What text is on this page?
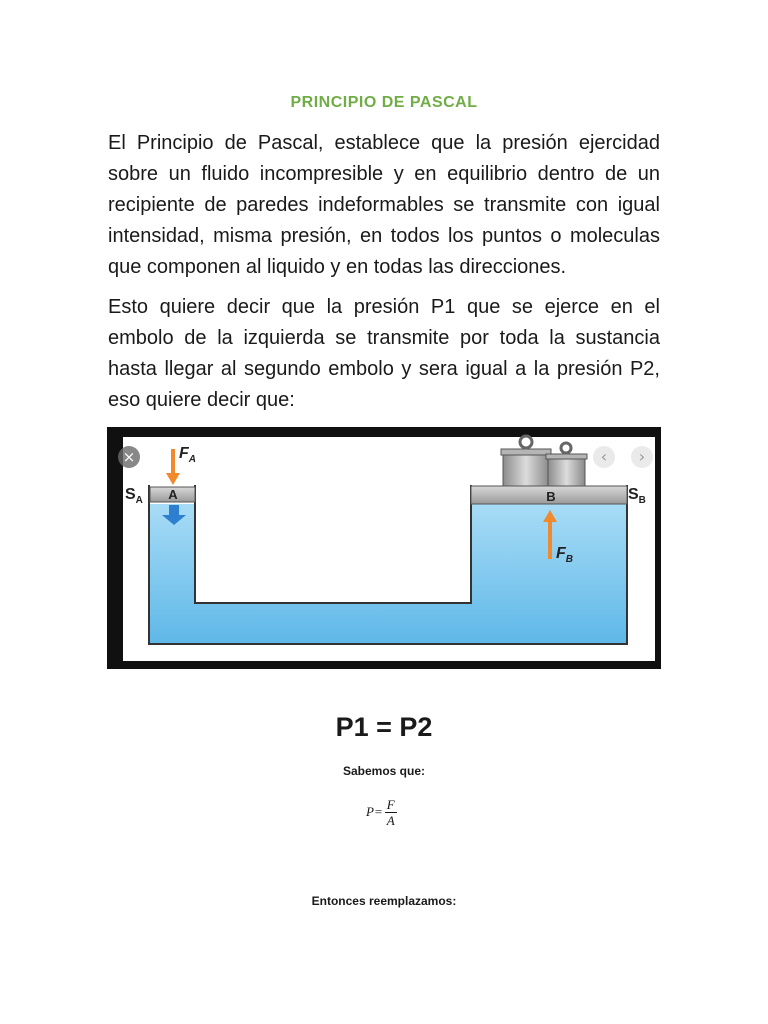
PRINCIPIO DE PASCAL

El Principio de Pascal, establece que la presión ejercidad sobre un fluido incompresible y en equilibrio dentro de un recipiente de paredes indeformables se transmite con igual intensidad, misma presión, en todos los puntos o moleculas que componen al liquido y en todas las direcciones.

Esto quiere decir que la presión P1 que se ejerce en el embolo de la izquierda se transmite por toda la sustancia hasta llegar al segundo embolo y sera igual a la presión P2, eso quiere decir que:

A	B
$F_A$
$S_A$	$S_B$
$F_B$
×	‹ ›
P1 = P2
Sabemos que:
$P = \frac{F}{A}$
Entonces reemplazamos:
